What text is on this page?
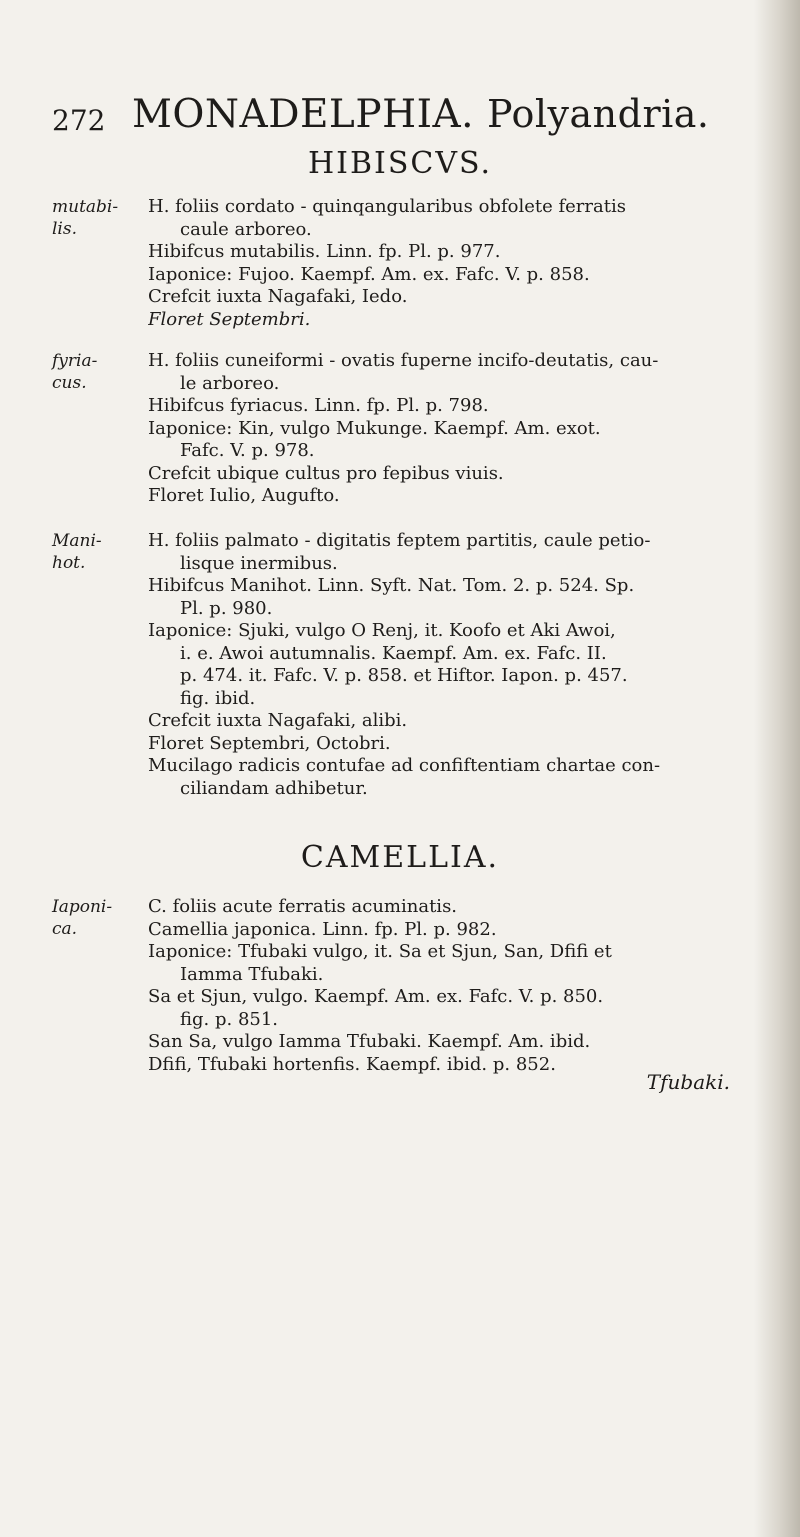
272 MONADELPHIA. Polyandria.
HIBISCVS.
mutabi-
lis.
H. foliis cordato - quinqangularibus obfolete ferratis
caule arboreo.
Hibifcus mutabilis. Linn. fp. Pl. p. 977.
Iaponice: Fujoo. Kaempf. Am. ex. Fafc. V. p. 858.
Crefcit iuxta Nagafaki, Iedo.
Floret Septembri.
fyria-
cus.
H. foliis cuneiformi - ovatis fuperne incifo-deutatis, cau-
le arboreo.
Hibifcus fyriacus. Linn. fp. Pl. p. 798.
Iaponice: Kin, vulgo Mukunge. Kaempf. Am. exot.
Fafc. V. p. 978.
Crefcit ubique cultus pro fepibus viuis.
Floret Iulio, Augufto.
Mani-
hot.
H. foliis palmato - digitatis feptem partitis, caule petio-
lisque inermibus.
Hibifcus Manihot. Linn. Syft. Nat. Tom. 2. p. 524. Sp.
Pl. p. 980.
Iaponice: Sjuki, vulgo O Renj, it. Koofo et Aki Awoi,
i. e. Awoi autumnalis. Kaempf. Am. ex. Fafc. II.
p. 474. it. Fafc. V. p. 858. et Hiftor. Iapon. p. 457.
fig. ibid.
Crefcit iuxta Nagafaki, alibi.
Floret Septembri, Octobri.
Mucilago radicis contufae ad confiftentiam chartae con-
ciliandam adhibetur.
CAMELLIA.
Iaponi-
ca.
C. foliis acute ferratis acuminatis.
Camellia japonica. Linn. fp. Pl. p. 982.
Iaponice: Tfubaki vulgo, it. Sa et Sjun, San, Dfifi et
Iamma Tfubaki.
Sa et Sjun, vulgo. Kaempf. Am. ex. Fafc. V. p. 850.
fig. p. 851.
San Sa, vulgo Iamma Tfubaki. Kaempf. Am. ibid.
Dfifi, Tfubaki hortenfis. Kaempf. ibid. p. 852.
Tfubaki.
